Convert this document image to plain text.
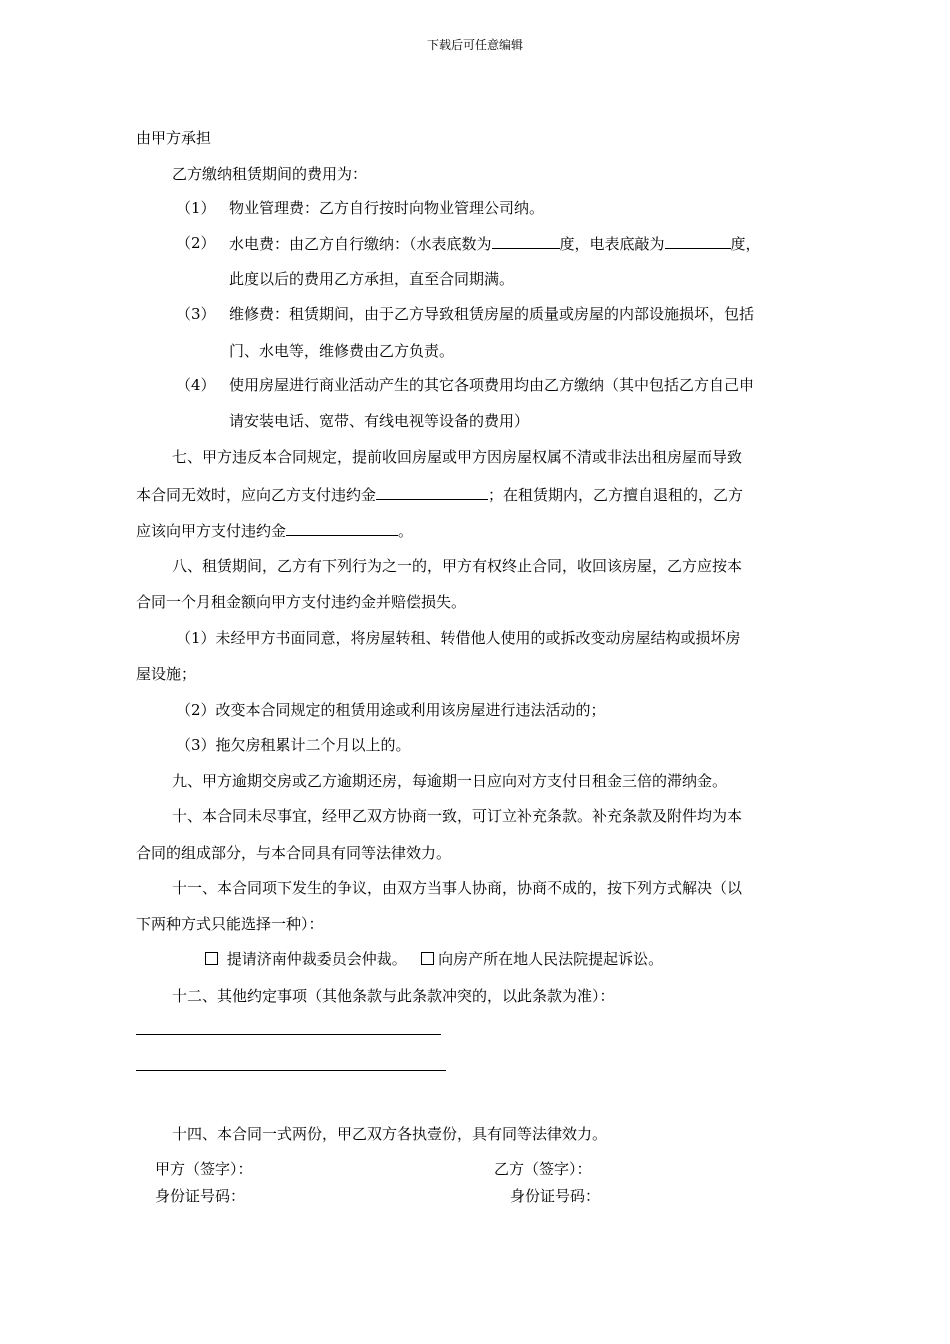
下载后可任意编辑
由甲方承担
乙方缴纳租赁期间的费用为：
（1） 物业管理费：乙方自行按时向物业管理公司纳。
（2） 水电费：由乙方自行缴纳：（水表底数为	度，电表底敲为	度，
此度以后的费用乙方承担，直至合同期满。
（3） 维修费：租赁期间，由于乙方导致租赁房屋的质量或房屋的内部设施损坏，包括
门、水电等，维修费由乙方负责。
（4） 使用房屋进行商业活动产生的其它各项费用均由乙方缴纳（其中包括乙方自己申
请安装电话、宽带、有线电视等设备的费用）
七、甲方违反本合同规定，提前收回房屋或甲方因房屋权属不清或非法出租房屋而导致
本合同无效时，应向乙方支付违约金	；在租赁期内，乙方擅自退租的，乙方
应该向甲方支付违约金	。
八、租赁期间，乙方有下列行为之一的，甲方有权终止合同，收回该房屋，乙方应按本
合同一个月租金额向甲方支付违约金并赔偿损失。
（1）未经甲方书面同意，将房屋转租、转借他人使用的或拆改变动房屋结构或损坏房
屋设施；
（2）改变本合同规定的租赁用途或利用该房屋进行违法活动的；
（3）拖欠房租累计二个月以上的。
九、甲方逾期交房或乙方逾期还房，每逾期一日应向对方支付日租金三倍的滞纳金。
十、本合同未尽事宜，经甲乙双方协商一致，可订立补充条款。补充条款及附件均为本
合同的组成部分，与本合同具有同等法律效力。
十一、本合同项下发生的争议，由双方当事人协商，协商不成的，按下列方式解决（以
下两种方式只能选择一种）：
提请济南仲裁委员会仲裁。 向房产所在地人民法院提起诉讼。
十二、其他约定事项（其他条款与此条款冲突的，以此条款为准）：
十四、本合同一式两份，甲乙双方各执壹份，具有同等法律效力。
甲方（签字）：
身份证号码：
乙方（签字）：
身份证号码：
